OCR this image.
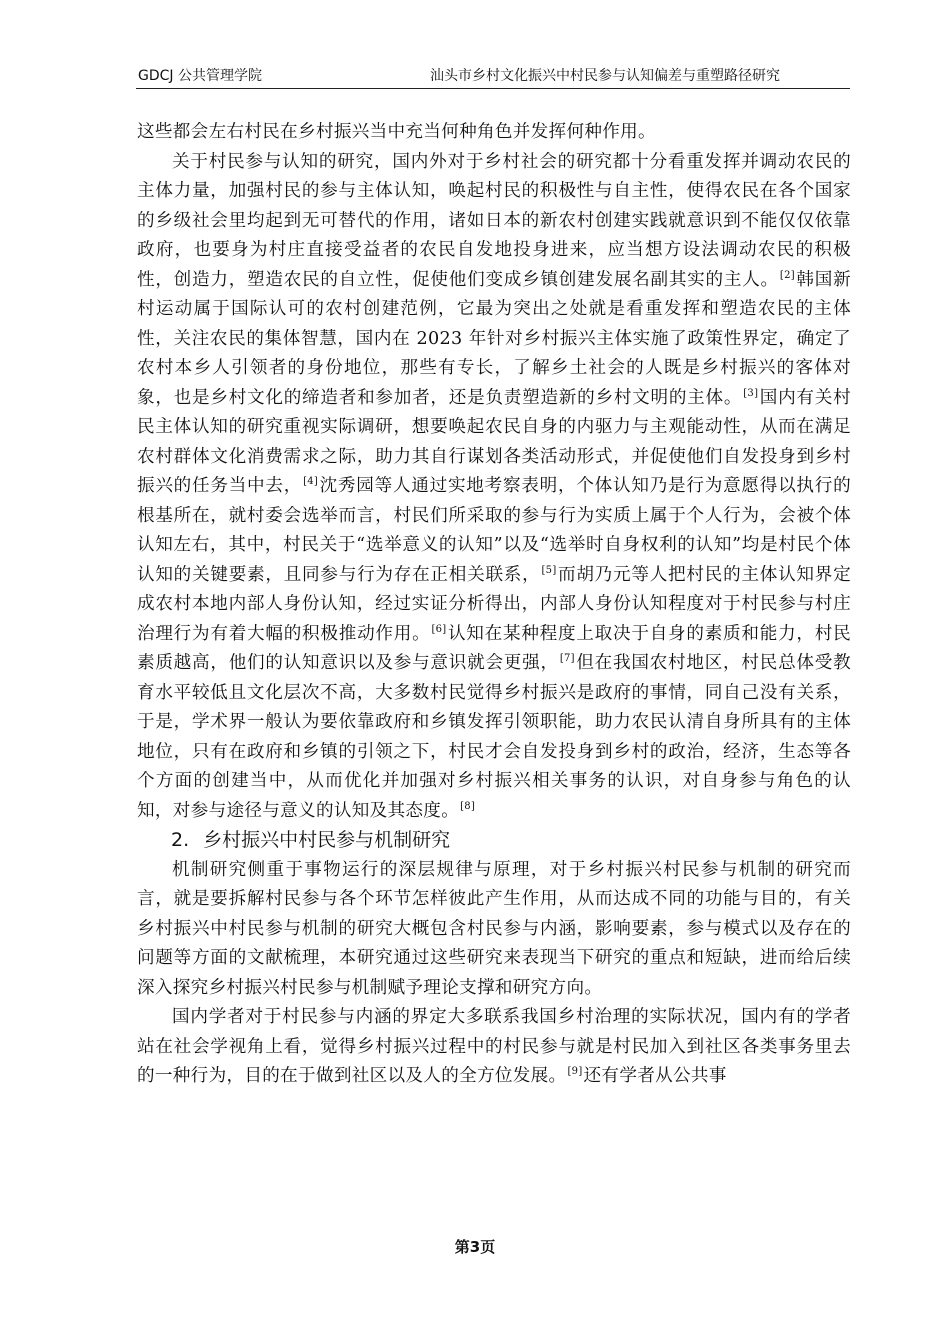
GDCJ 公共管理学院	汕头市乡村文化振兴中村民参与认知偏差与重塑路径研究

这些都会左右村民在乡村振兴当中充当何种角色并发挥何种作用。

关于村民参与认知的研究，国内外对于乡村社会的研究都十分看重发挥并调动农民的主体力量，加强村民的参与主体认知，唤起村民的积极性与自主性，使得农民在各个国家的乡级社会里均起到无可替代的作用，诸如日本的新农村创建实践就意识到不能仅仅依靠政府，也要身为村庄直接受益者的农民自发地投身进来，应当想方设法调动农民的积极性，创造力，塑造农民的自立性，促使他们变成乡镇创建发展名副其实的主人。[2]韩国新村运动属于国际认可的农村创建范例，它最为突出之处就是看重发挥和塑造农民的主体性，关注农民的集体智慧，国内在 2023 年针对乡村振兴主体实施了政策性界定，确定了农村本乡人引领者的身份地位，那些有专长，了解乡土社会的人既是乡村振兴的客体对象，也是乡村文化的缔造者和参加者，还是负责塑造新的乡村文明的主体。[3]国内有关村民主体认知的研究重视实际调研，想要唤起农民自身的内驱力与主观能动性，从而在满足农村群体文化消费需求之际，助力其自行谋划各类活动形式，并促使他们自发投身到乡村振兴的任务当中去，[4]沈秀园等人通过实地考察表明，个体认知乃是行为意愿得以执行的根基所在，就村委会选举而言，村民们所采取的参与行为实质上属于个人行为，会被个体认知左右，其中，村民关于“选举意义的认知”以及“选举时自身权利的认知”均是村民个体认知的关键要素，且同参与行为存在正相关联系，[5]而胡乃元等人把村民的主体认知界定成农村本地内部人身份认知，经过实证分析得出，内部人身份认知程度对于村民参与村庄治理行为有着大幅的积极推动作用。[6]认知在某种程度上取决于自身的素质和能力，村民素质越高，他们的认知意识以及参与意识就会更强，[7]但在我国农村地区，村民总体受教育水平较低且文化层次不高，大多数村民觉得乡村振兴是政府的事情，同自己没有关系，于是，学术界一般认为要依靠政府和乡镇发挥引领职能，助力农民认清自身所具有的主体地位，只有在政府和乡镇的引领之下，村民才会自发投身到乡村的政治，经济，生态等各个方面的创建当中，从而优化并加强对乡村振兴相关事务的认识，对自身参与角色的认知，对参与途径与意义的认知及其态度。[8]

2. 乡村振兴中村民参与机制研究

机制研究侧重于事物运行的深层规律与原理，对于乡村振兴村民参与机制的研究而言，就是要拆解村民参与各个环节怎样彼此产生作用，从而达成不同的功能与目的，有关乡村振兴中村民参与机制的研究大概包含村民参与内涵，影响要素，参与模式以及存在的问题等方面的文献梳理，本研究通过这些研究来表现当下研究的重点和短缺，进而给后续深入探究乡村振兴村民参与机制赋予理论支撑和研究方向。

国内学者对于村民参与内涵的界定大多联系我国乡村治理的实际状况，国内有的学者站在社会学视角上看，觉得乡村振兴过程中的村民参与就是村民加入到社区各类事务里去的一种行为，目的在于做到社区以及人的全方位发展。[9]还有学者从公共事

第3页
